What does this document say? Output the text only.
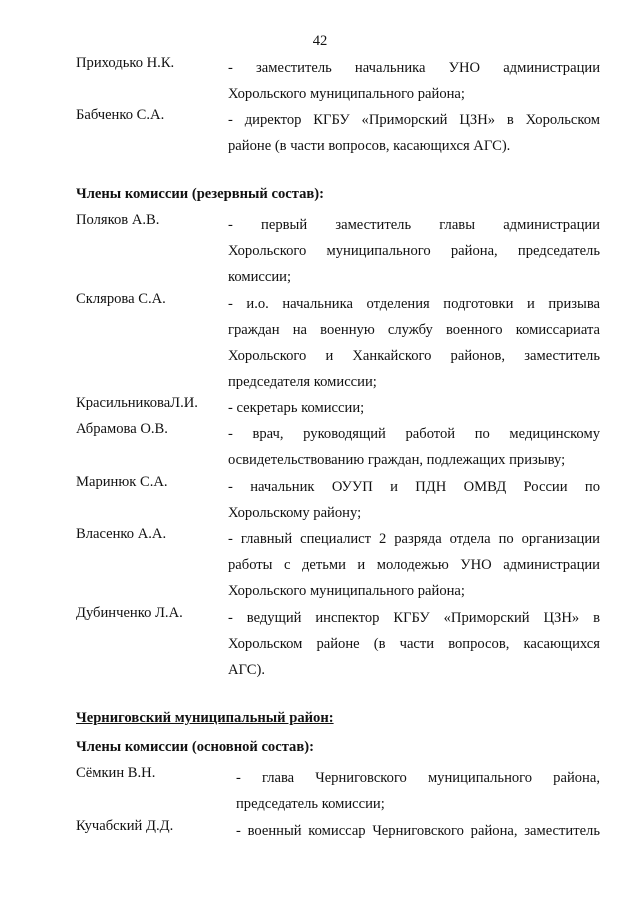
42
Приходько Н.К.	- заместитель начальника УНО администрации
Хорольского муниципального района;
Бабченко С.А.	- директор КГБУ «Приморский ЦЗН» в Хорольском
районе (в части вопросов, касающихся АГС).
Члены комиссии (резервный состав):
Поляков А.В.	- первый заместитель главы администрации
Хорольского муниципального района, председатель
комиссии;
Склярова С.А.	- и.о. начальника отделения подготовки и призыва
граждан на военную службу военного комиссариата
Хорольского и Ханкайского районов, заместитель
председателя комиссии;
КрасильниковаЛ.И. - секретарь комиссии;
Абрамова О.В.	- врач, руководящий работой по медицинскому
освидетельствованию граждан, подлежащих призыву;
Маринюк С.А.	- начальник ОУУП и ПДН ОМВД России по
Хорольскому району;
Власенко А.А.	- главный специалист 2 разряда отдела по организации
работы с детьми и молодежью УНО администрации
Хорольского муниципального района;
Дубинченко Л.А.	- ведущий инспектор КГБУ «Приморский ЦЗН» в
Хорольском районе (в части вопросов, касающихся
АГС).
Черниговский муниципальный район:
Члены комиссии (основной состав):
Сёмкин В.Н.	- глава Черниговского муниципального района,
председатель комиссии;
Кучабский Д.Д.	- военный комиссар Черниговского района, заместитель
